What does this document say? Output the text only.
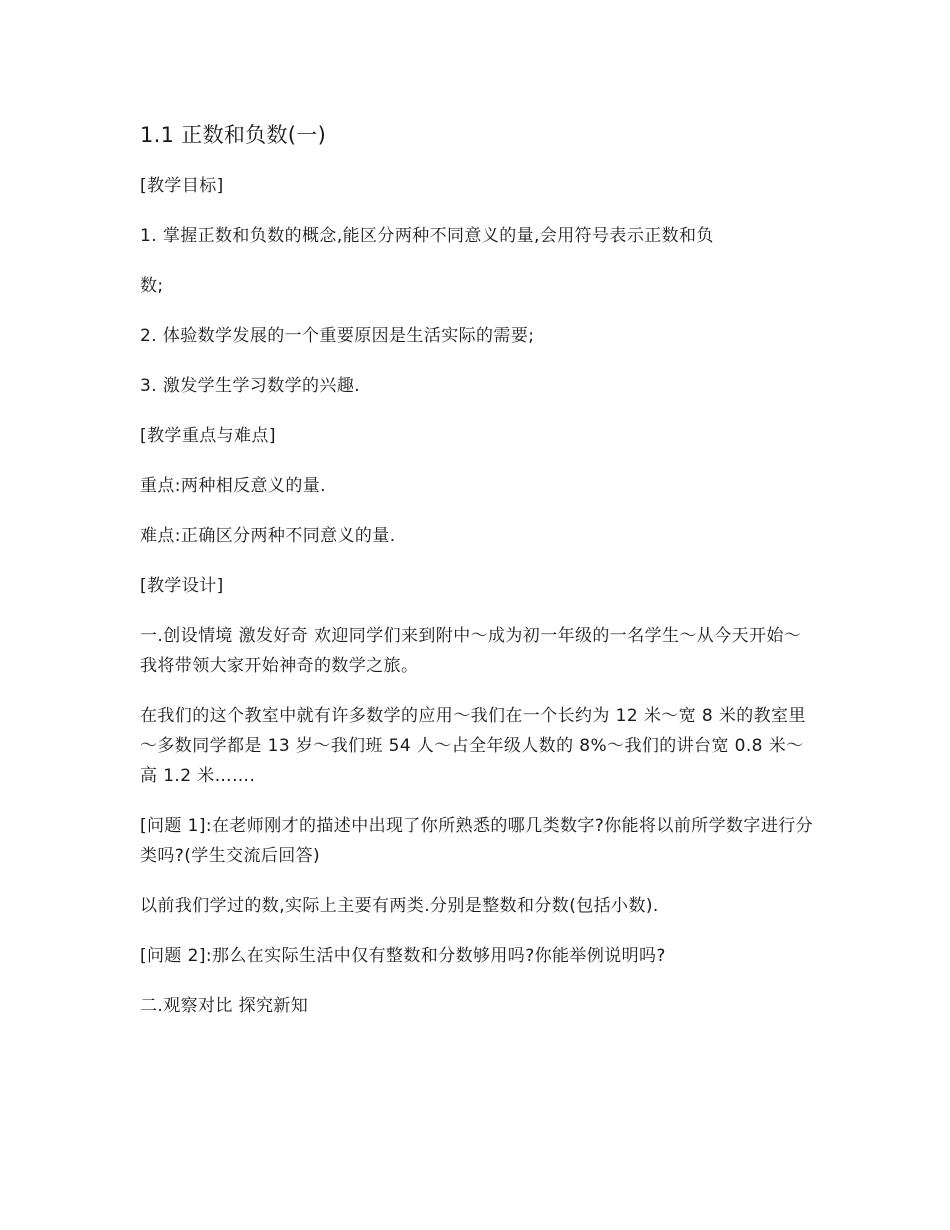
1.1 正数和负数(一)

[教学目标]

1. 掌握正数和负数的概念,能区分两种不同意义的量,会用符号表示正数和负

数;

2. 体验数学发展的一个重要原因是生活实际的需要;

3. 激发学生学习数学的兴趣.

[教学重点与难点]

重点:两种相反意义的量.

难点:正确区分两种不同意义的量.

[教学设计]

一.创设情境 激发好奇 欢迎同学们来到附中～成为初一年级的一名学生～从今天开始～我将带领大家开始神奇的数学之旅。

在我们的这个教室中就有许多数学的应用～我们在一个长约为 12 米～宽 8 米的教室里～多数同学都是 13 岁～我们班 54 人～占全年级人数的 8%～我们的讲台宽 0.8 米～高 1.2 米…….

[问题 1]:在老师刚才的描述中出现了你所熟悉的哪几类数字?你能将以前所学数字进行分类吗?(学生交流后回答)

以前我们学过的数,实际上主要有两类.分别是整数和分数(包括小数).

[问题 2]:那么在实际生活中仅有整数和分数够用吗?你能举例说明吗?

二.观察对比 探究新知
